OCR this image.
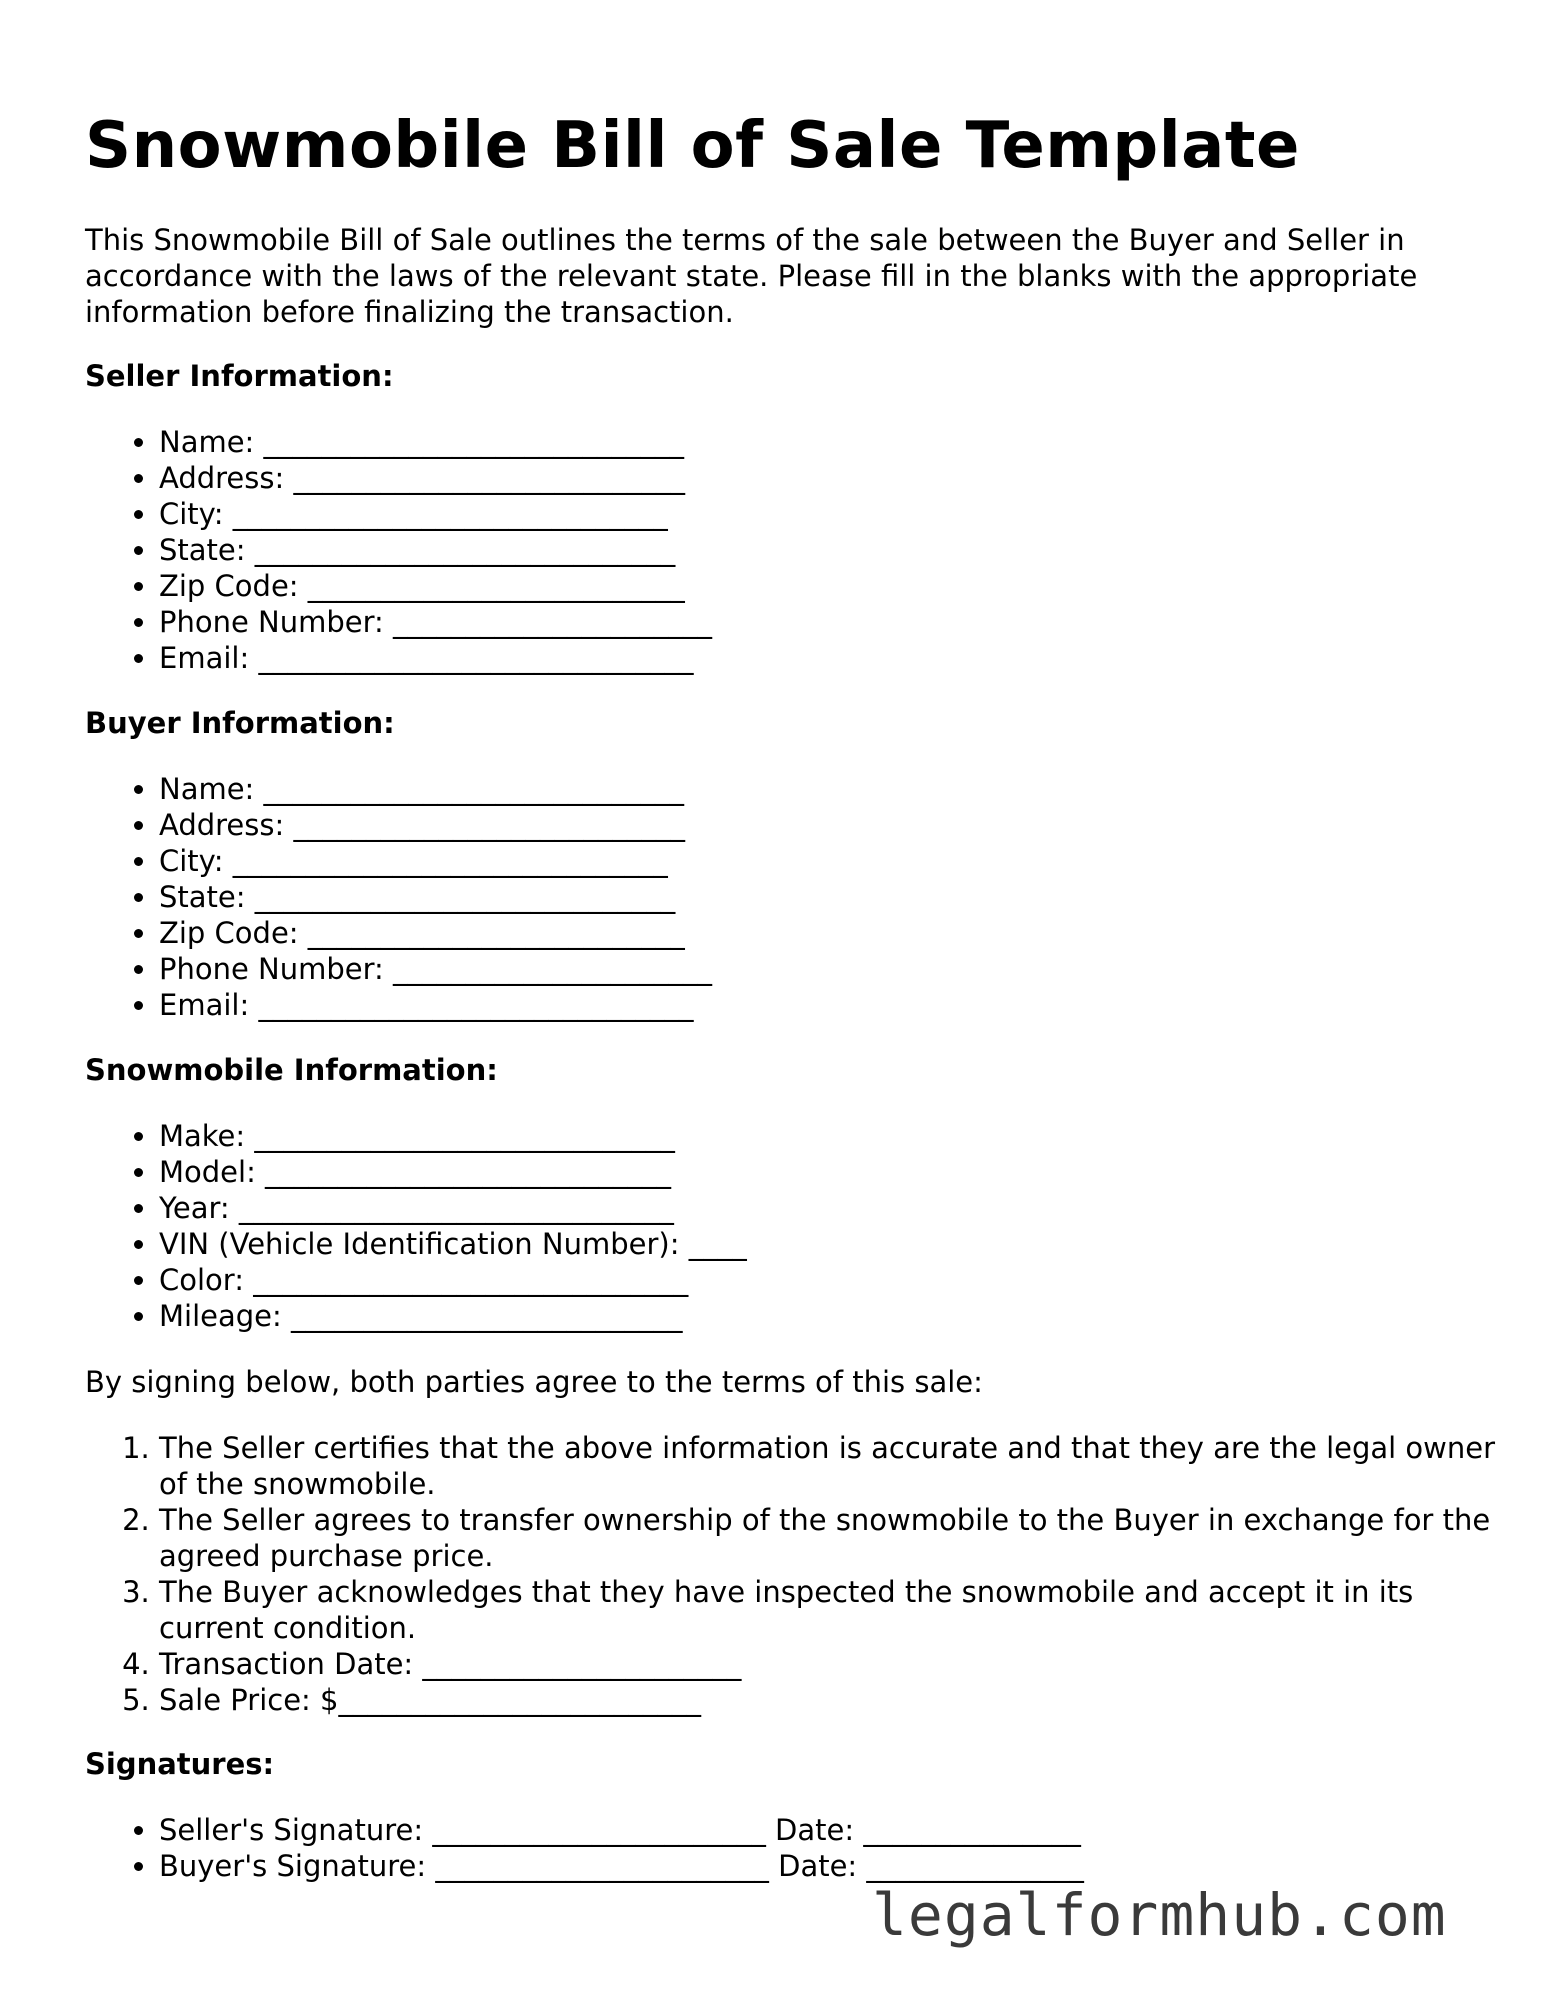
Snowmobile Bill of Sale Template

This Snowmobile Bill of Sale outlines the terms of the sale between the Buyer and Seller in accordance with the laws of the relevant state. Please fill in the blanks with the appropriate information before finalizing the transaction.

Seller Information:

• Name: _____________________________
• Address: ___________________________
• City: ______________________________
• State: _____________________________
• Zip Code: __________________________
• Phone Number: ______________________
• Email: ______________________________

Buyer Information:

• Name: _____________________________
• Address: ___________________________
• City: ______________________________
• State: _____________________________
• Zip Code: __________________________
• Phone Number: ______________________
• Email: ______________________________

Snowmobile Information:

• Make: _____________________________
• Model: ____________________________
• Year: ______________________________
• VIN (Vehicle Identification Number): ____
• Color: ______________________________
• Mileage: ___________________________

By signing below, both parties agree to the terms of this sale:

1. The Seller certifies that the above information is accurate and that they are the legal owner of the snowmobile.
2. The Seller agrees to transfer ownership of the snowmobile to the Buyer in exchange for the agreed purchase price.
3. The Buyer acknowledges that they have inspected the snowmobile and accept it in its current condition.
4. Transaction Date: ______________________
5. Sale Price: $_________________________

Signatures:

• Seller's Signature: _______________________ Date: _______________
• Buyer's Signature: _______________________ Date: _______________
legalformhub.com
